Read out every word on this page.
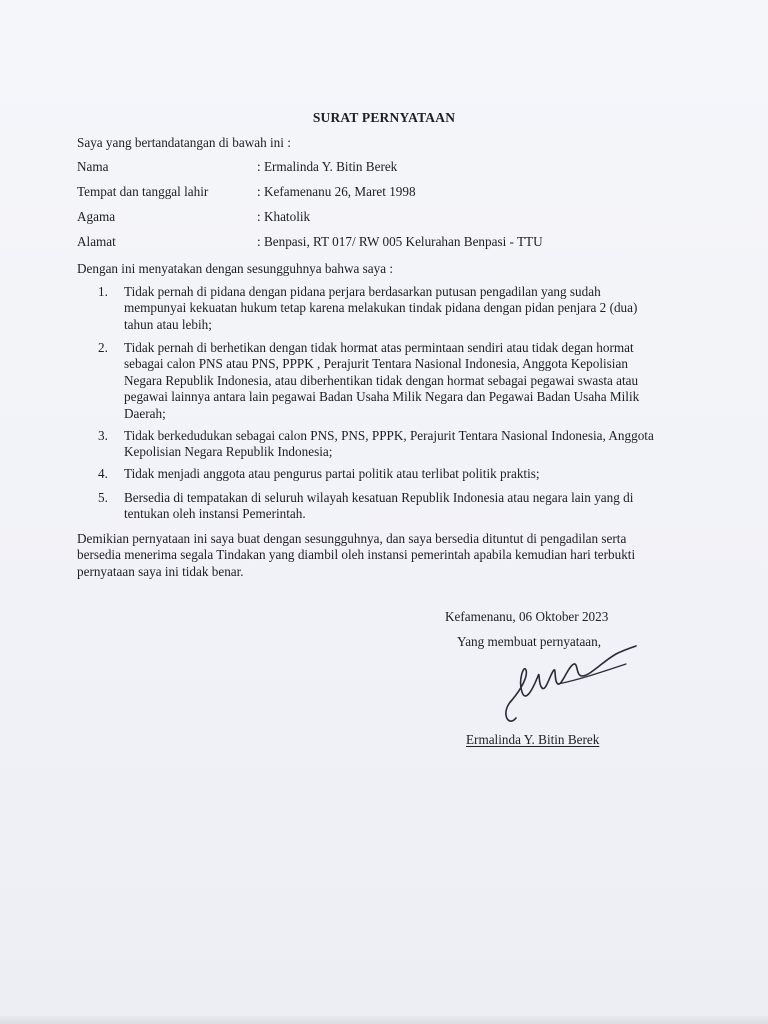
SURAT PERNYATAAN
Saya yang bertandatangan di bawah ini :
Nama	: Ermalinda Y. Bitin Berek
Tempat dan tanggal lahir	: Kefamenanu 26, Maret 1998
Agama	: Khatolik
Alamat	: Benpasi, RT 017/ RW 005 Kelurahan Benpasi - TTU
Dengan ini menyatakan dengan sesungguhnya bahwa saya :
1. Tidak pernah di pidana dengan pidana perjara berdasarkan putusan pengadilan yang sudah mempunyai kekuatan hukum tetap karena melakukan tindak pidana dengan pidan penjara 2 (dua) tahun atau lebih;
2. Tidak pernah di berhetikan dengan tidak hormat atas permintaan sendiri atau tidak degan hormat sebagai calon PNS atau PNS, PPPK , Perajurit Tentara Nasional Indonesia, Anggota Kepolisian Negara Republik Indonesia, atau diberhentikan tidak dengan hormat sebagai pegawai swasta atau pegawai lainnya antara lain pegawai Badan Usaha Milik Negara dan Pegawai Badan Usaha Milik Daerah;
3. Tidak berkedudukan sebagai calon PNS, PNS, PPPK, Perajurit Tentara Nasional Indonesia, Anggota Kepolisian Negara Republik Indonesia;
4. Tidak menjadi anggota atau pengurus partai politik atau terlibat politik praktis;
5. Bersedia di tempatakan di seluruh wilayah kesatuan Republik Indonesia atau negara lain yang di tentukan oleh instansi Pemerintah.
Demikian pernyataan ini saya buat dengan sesungguhnya, dan saya bersedia dituntut di pengadilan serta bersedia menerima segala Tindakan yang diambil oleh instansi pemerintah apabila kemudian hari terbukti pernyataan saya ini tidak benar.
Kefamenanu, 06 Oktober 2023
Yang membuat pernyataan,
Ermalinda Y. Bitin Berek
